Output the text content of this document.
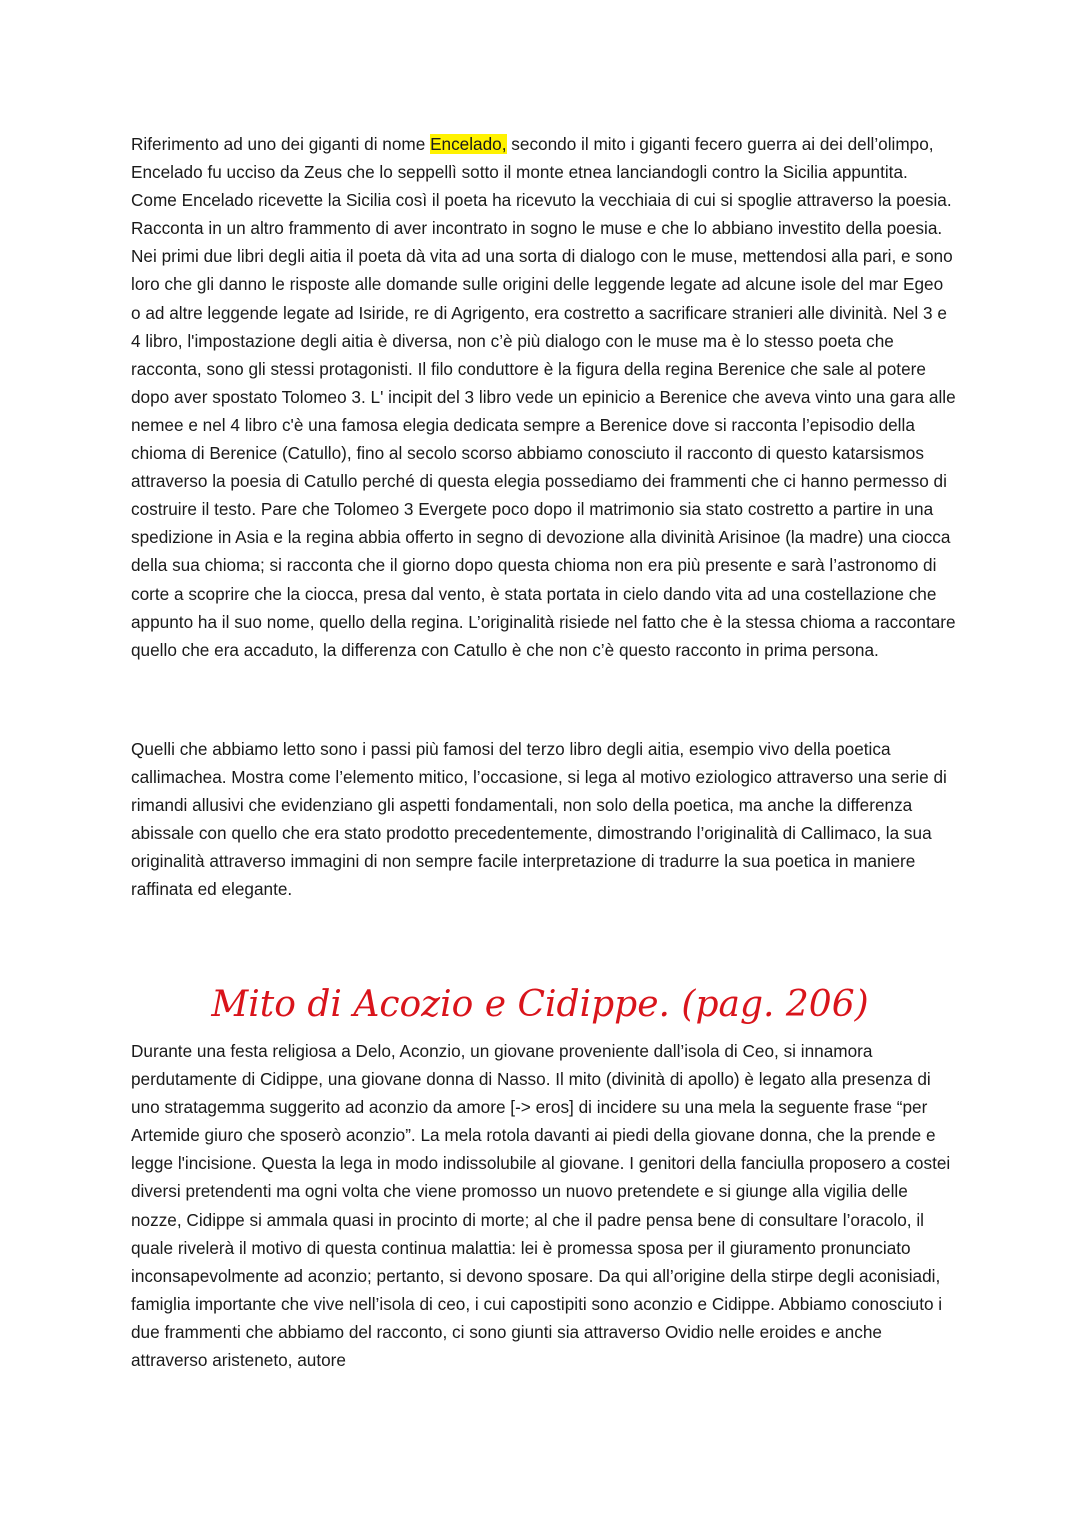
Riferimento ad uno dei giganti di nome Encelado, secondo il mito i giganti fecero guerra ai dei dell’olimpo, Encelado fu ucciso da Zeus che lo seppellì sotto il monte etnea lanciandogli contro la Sicilia appuntita. Come Encelado ricevette la Sicilia così il poeta ha ricevuto la vecchiaia di cui si spoglie attraverso la poesia. Racconta in un altro frammento di aver incontrato in sogno le muse e che lo abbiano investito della poesia. Nei primi due libri degli aitia il poeta dà vita ad una sorta di dialogo con le muse, mettendosi alla pari, e sono loro che gli danno le risposte alle domande sulle origini delle leggende legate ad alcune isole del mar Egeo o ad altre leggende legate ad Isiride, re di Agrigento, era costretto a sacrificare stranieri alle divinità. Nel 3 e 4 libro, l'impostazione degli aitia è diversa, non c’è più dialogo con le muse ma è lo stesso poeta che racconta, sono gli stessi protagonisti. Il filo conduttore è la figura della regina Berenice che sale al potere dopo aver spostato Tolomeo 3. L' incipit del 3 libro vede un epinicio a Berenice che aveva vinto una gara alle nemee e nel 4 libro c'è una famosa elegia dedicata sempre a Berenice dove si racconta l’episodio della chioma di Berenice (Catullo), fino al secolo scorso abbiamo conosciuto il racconto di questo katarsismos attraverso la poesia di Catullo perché di questa elegia possediamo dei frammenti che ci hanno permesso di costruire il testo. Pare che Tolomeo 3 Evergete poco dopo il matrimonio sia stato costretto a partire in una spedizione in Asia e la regina abbia offerto in segno di devozione alla divinità Arisinoe (la madre) una ciocca della sua chioma; si racconta che il giorno dopo questa chioma non era più presente e sarà l’astronomo di corte a scoprire che la ciocca, presa dal vento, è stata portata in cielo dando vita ad una costellazione che appunto ha il suo nome, quello della regina. L’originalità risiede nel fatto che è la stessa chioma a raccontare quello che era accaduto, la differenza con Catullo è che non c’è questo racconto in prima persona.

Quelli che abbiamo letto sono i passi più famosi del terzo libro degli aitia, esempio vivo della poetica callimachea. Mostra come l’elemento mitico, l’occasione, si lega al motivo eziologico attraverso una serie di rimandi allusivi che evidenziano gli aspetti fondamentali, non solo della poetica, ma anche la differenza abissale con quello che era stato prodotto precedentemente, dimostrando l’originalità di Callimaco, la sua originalità attraverso immagini di non sempre facile interpretazione di tradurre la sua poetica in maniere raffinata ed elegante.

Mito di Acozio e Cidippe. (pag. 206)

Durante una festa religiosa a Delo, Aconzio, un giovane proveniente dall’isola di Ceo, si innamora perdutamente di Cidippe, una giovane donna di Nasso. Il mito (divinità di apollo) è legato alla presenza di uno stratagemma suggerito ad aconzio da amore [-> eros] di incidere su una mela la seguente frase “per Artemide giuro che sposerò aconzio”. La mela rotola davanti ai piedi della giovane donna, che la prende e legge l'incisione. Questa la lega in modo indissolubile al giovane. I genitori della fanciulla proposero a costei diversi pretendenti ma ogni volta che viene promosso un nuovo pretendete e si giunge alla vigilia delle nozze, Cidippe si ammala quasi in procinto di morte; al che il padre pensa bene di consultare l’oracolo, il quale rivelerà il motivo di questa continua malattia: lei è promessa sposa per il giuramento pronunciato inconsapevolmente ad aconzio; pertanto, si devono sposare. Da qui all’origine della stirpe degli aconisiadi, famiglia importante che vive nell’isola di ceo, i cui capostipiti sono aconzio e Cidippe. Abbiamo conosciuto i due frammenti che abbiamo del racconto, ci sono giunti sia attraverso Ovidio nelle eroides e anche attraverso aristeneto, autore
